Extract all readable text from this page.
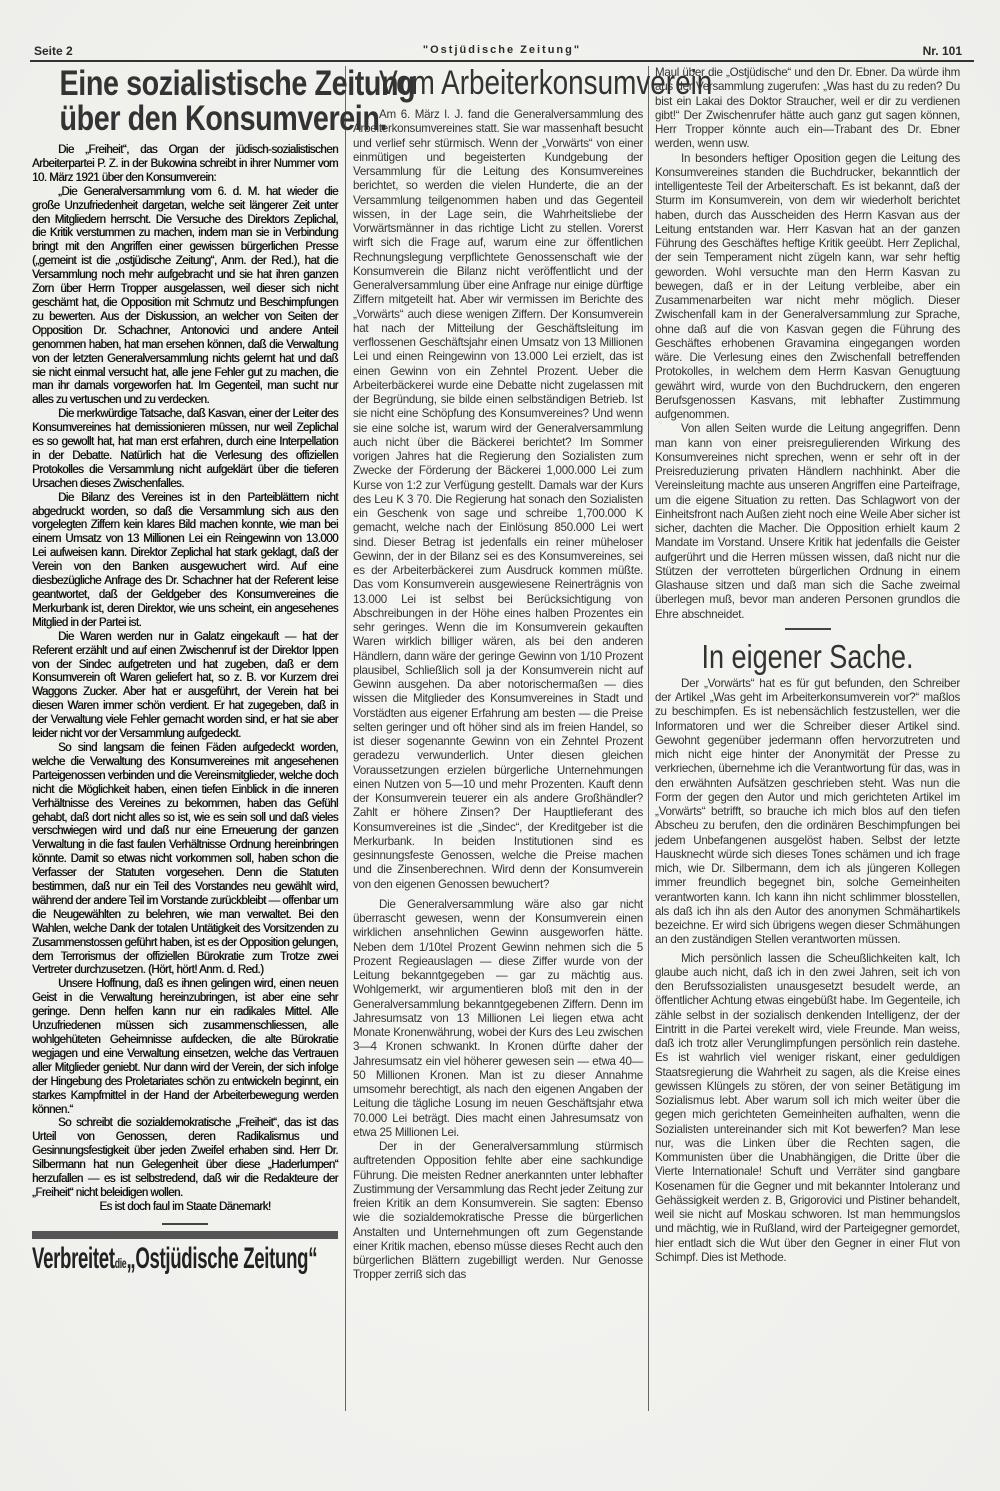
Seite 2	"Ostjüdische Zeitung"	Nr. 101
Eine sozialistische Zeitung
über den Konsumverein.

Die „Freiheit“, das Organ der jüdisch-sozialistischen Arbeiterpartei P. Z. in der Bukowina schreibt in ihrer Nummer vom 10. März 1921 über den Konsumverein:

„Die Generalversammlung vom 6. d. M. hat wieder die große Unzufriedenheit dargetan, welche seit längerer Zeit unter den Mitgliedern herrscht. Die Versuche des Direktors Zeplichal, die Kritik verstummen zu machen, indem man sie in Verbindung bringt mit den Angriffen einer gewissen bürgerlichen Presse („gemeint ist die „ostjüdische Zeitung“, Anm. der Red.), hat die Versammlung noch mehr aufgebracht und sie hat ihren ganzen Zorn über Herrn Tropper ausgelassen, weil dieser sich nicht geschämt hat, die Opposition mit Schmutz und Beschimpfungen zu bewerten. Aus der Diskussion, an welcher von Seiten der Opposition Dr. Schachner, Antonovici und andere Anteil genommen haben, hat man ersehen können, daß die Verwaltung von der letzten Generalversammlung nichts gelernt hat und daß sie nicht einmal versucht hat, alle jene Fehler gut zu machen, die man ihr damals vorgeworfen hat. Im Gegenteil, man sucht nur alles zu vertuschen und zu verdecken.

Die merkwürdige Tatsache, daß Kasvan, einer der Leiter des Konsumvereines hat demissionieren müssen, nur weil Zeplichal es so gewollt hat, hat man erst erfahren, durch eine Interpellation in der Debatte. Natürlich hat die Verlesung des offiziellen Protokolles die Versammlung nicht aufgeklärt über die tieferen Ursachen dieses Zwischenfalles.

Die Bilanz des Vereines ist in den Parteiblättern nicht abgedruckt worden, so daß die Versammlung sich aus den vorgelegten Ziffern kein klares Bild machen konnte, wie man bei einem Umsatz von 13 Millionen Lei ein Reingewinn von 13.000 Lei aufweisen kann. Direktor Zeplichal hat stark geklagt, daß der Verein von den Banken ausgewuchert wird. Auf eine diesbezügliche Anfrage des Dr. Schachner hat der Referent leise geantwortet, daß der Geldgeber des Konsumvereines die Merkurbank ist, deren Direktor, wie uns scheint, ein angesehenes Mitglied in der Partei ist.

Die Waren werden nur in Galatz eingekauft — hat der Referent erzählt und auf einen Zwischenruf ist der Direktor Ippen von der Sindec aufgetreten und hat zugeben, daß er dem Konsumverein oft Waren geliefert hat, so z. B. vor Kurzem drei Waggons Zucker. Aber hat er ausgeführt, der Verein hat bei diesen Waren immer schön verdient. Er hat zugegeben, daß in der Verwaltung viele Fehler gemacht worden sind, er hat sie aber leider nicht vor der Versammlung aufgedeckt.

So sind langsam die feinen Fäden aufgedeckt worden, welche die Verwaltung des Konsumvereines mit angesehenen Parteigenossen verbinden und die Vereinsmitglieder, welche doch nicht die Möglichkeit haben, einen tiefen Einblick in die inneren Verhältnisse des Vereines zu bekommen, haben das Gefühl gehabt, daß dort nicht alles so ist, wie es sein soll und daß vieles verschwiegen wird und daß nur eine Erneuerung der ganzen Verwaltung in die fast faulen Verhältnisse Ordnung hereinbringen könnte. Damit so etwas nicht vorkommen soll, haben schon die Verfasser der Statuten vorgesehen. Denn die Statuten bestimmen, daß nur ein Teil des Vorstandes neu gewählt wird, während der andere Teil im Vorstande zurückbleibt — offenbar um die Neugewählten zu belehren, wie man verwaltet. Bei den Wahlen, welche Dank der totalen Untätigkeit des Vorsitzenden zu Zusammenstossen geführt haben, ist es der Opposition gelungen, dem Terrorismus der offiziellen Bürokratie zum Trotze zwei Vertreter durchzusetzen. (Hört, hört! Anm. d. Red.)

Unsere Hoffnung, daß es ihnen gelingen wird, einen neuen Geist in die Verwaltung hereinzubringen, ist aber eine sehr geringe. Denn helfen kann nur ein radikales Mittel. Alle Unzufriedenen müssen sich zusammenschliessen, alle wohlgehüteten Geheimnisse aufdecken, die alte Bürokratie wegjagen und eine Verwaltung einsetzen, welche das Vertrauen aller Mitglieder geniebt. Nur dann wird der Verein, der sich infolge der Hingebung des Proletariates schön zu entwickeln beginnt, ein starkes Kampfmittel in der Hand der Arbeiterbewegung werden können.“

So schreibt die sozialdemokratische „Freiheit“, das ist das Urteil von Genossen, deren Radikalismus und Gesinnungsfestigkeit über jeden Zweifel erhaben sind. Herr Dr. Silbermann hat nun Gelegenheit über diese „Haderlumpen“ herzufallen — es ist selbstredend, daß wir die Redakteure der „Freiheit“ nicht beleidigen wollen.

Es ist doch faul im Staate Dänemark!

Verbreitetdie„Ostjüdische Zeitung“
Vom Arbeiterkonsumverein

Am 6. März l. J. fand die Generalversammlung des Arbeiterkonsumvereines statt. Sie war massenhaft besucht und verlief sehr stürmisch. Wenn der „Vorwärts“ von einer einmütigen und begeisterten Kundgebung der Versammlung für die Leitung des Konsumvereines berichtet, so werden die vielen Hunderte, die an der Versammlung teilgenommen haben und das Gegenteil wissen, in der Lage sein, die Wahrheitsliebe der Vorwärtsmänner in das richtige Licht zu stellen. Vorerst wirft sich die Frage auf, warum eine zur öffentlichen Rechnungslegung verpflichtete Genossenschaft wie der Konsumverein die Bilanz nicht veröffentlicht und der Generalversammlung über eine Anfrage nur einige dürftige Ziffern mitgeteilt hat. Aber wir vermissen im Berichte des „Vorwärts“ auch diese wenigen Ziffern. Der Konsumverein hat nach der Mitteilung der Geschäftsleitung im verflossenen Geschäftsjahr einen Umsatz von 13 Millionen Lei und einen Reingewinn von 13.000 Lei erzielt, das ist einen Gewinn von ein Zehntel Prozent. Ueber die Arbeiterbäckerei wurde eine Debatte nicht zugelassen mit der Begründung, sie bilde einen selbständigen Betrieb. Ist sie nicht eine Schöpfung des Konsumvereines? Und wenn sie eine solche ist, warum wird der Generalversammlung auch nicht über die Bäckerei berichtet? Im Sommer vorigen Jahres hat die Regierung den Sozialisten zum Zwecke der Förderung der Bäckerei 1,000.000 Lei zum Kurse von 1:2 zur Verfügung gestellt. Damals war der Kurs des Leu K 3 70. Die Regierung hat sonach den Sozialisten ein Geschenk von sage und schreibe 1,700.000 K gemacht, welche nach der Einlösung 850.000 Lei wert sind. Dieser Betrag ist jedenfalls ein reiner müheloser Gewinn, der in der Bilanz sei es des Konsumvereines, sei es der Arbeiterbäckerei zum Ausdruck kommen müßte. Das vom Konsumverein ausgewiesene Reinerträgnis von 13.000 Lei ist selbst bei Berücksichtigung von Abschreibungen in der Höhe eines halben Prozentes ein sehr geringes. Wenn die im Konsumverein gekauften Waren wirklich billiger wären, als bei den anderen Händlern, dann wäre der geringe Gewinn von 1/10 Prozent plausibel, Schließlich soll ja der Konsumverein nicht auf Gewinn ausgehen. Da aber notorischermaßen — dies wissen die Mitglieder des Konsumvereines in Stadt und Vorstädten aus eigener Erfahrung am besten — die Preise selten geringer und oft höher sind als im freien Handel, so ist dieser sogenannte Gewinn von ein Zehntel Prozent geradezu verwunderlich. Unter diesen gleichen Voraussetzungen erzielen bürgerliche Unternehmungen einen Nutzen von 5—10 und mehr Prozenten. Kauft denn der Konsumverein teuerer ein als andere Großhändler? Zahlt er höhere Zinsen? Der Hauptlieferant des Konsumvereines ist die „Sindec“, der Kreditgeber ist die Merkurbank. In beiden Institutionen sind es gesinnungsfeste Genossen, welche die Preise machen und die Zinsenberechnen. Wird denn der Konsumverein von den eigenen Genossen bewuchert?

Die Generalversammlung wäre also gar nicht überrascht gewesen, wenn der Konsumverein einen wirklichen ansehnlichen Gewinn ausgeworfen hätte. Neben dem 1/10tel Prozent Gewinn nehmen sich die 5 Prozent Regieauslagen — diese Ziffer wurde von der Leitung bekanntgegeben — gar zu mächtig aus. Wohlgemerkt, wir argumentieren bloß mit den in der Generalversammlung bekanntgegebenen Ziffern. Denn im Jahresumsatz von 13 Millionen Lei liegen etwa acht Monate Kronenwährung, wobei der Kurs des Leu zwischen 3—4 Kronen schwankt. In Kronen dürfte daher der Jahresumsatz ein viel höherer gewesen sein — etwa 40—50 Millionen Kronen. Man ist zu dieser Annahme umsomehr berechtigt, als nach den eigenen Angaben der Leitung die tägliche Losung im neuen Geschäftsjahr etwa 70.000 Lei beträgt. Dies macht einen Jahresumsatz von etwa 25 Millionen Lei.

Der in der Generalversammlung stürmisch auftretenden Opposition fehlte aber eine sachkundige Führung. Die meisten Redner anerkannten unter lebhafter Zustimmung der Versammlung das Recht jeder Zeitung zur freien Kritik an dem Konsumverein. Sie sagten: Ebenso wie die sozialdemokratische Presse die bürgerlichen Anstalten und Unternehmungen oft zum Gegenstande einer Kritik machen, ebenso müsse dieses Recht auch den bürgerlichen Blättern zugebilligt werden. Nur Genosse Tropper zerriß sich das

Maul über die „Ostjüdische“ und den Dr. Ebner. Da würde ihm aus der Versammlung zugerufen: „Was hast du zu reden? Du bist ein Lakai des Doktor Straucher, weil er dir zu verdienen gibt!“ Der Zwischenrufer hätte auch ganz gut sagen können, Herr Tropper könnte auch ein—Trabant des Dr. Ebner werden, wenn usw.

In besonders heftiger Oposition gegen die Leitung des Konsumvereines standen die Buchdrucker, bekanntlich der intelligenteste Teil der Arbeiterschaft. Es ist bekannt, daß der Sturm im Konsumverein, von dem wir wiederholt berichtet haben, durch das Ausscheiden des Herrn Kasvan aus der Leitung entstanden war. Herr Kasvan hat an der ganzen Führung des Geschäftes heftige Kritik geeübt. Herr Zeplichal, der sein Temperament nicht zügeln kann, war sehr heftig geworden. Wohl versuchte man den Herrn Kasvan zu bewegen, daß er in der Leitung verbleibe, aber ein Zusammenarbeiten war nicht mehr möglich. Dieser Zwischenfall kam in der Generalversammlung zur Sprache, ohne daß auf die von Kasvan gegen die Führung des Geschäftes erhobenen Gravamina eingegangen worden wäre. Die Verlesung eines den Zwischenfall betreffenden Protokolles, in welchem dem Herrn Kasvan Genugtuung gewährt wird, wurde von den Buchdruckern, den engeren Berufsgenossen Kasvans, mit lebhafter Zustimmung aufgenommen.

Von allen Seiten wurde die Leitung angegriffen. Denn man kann von einer preisregulierenden Wirkung des Konsumvereines nicht sprechen, wenn er sehr oft in der Preisreduzierung privaten Händlern nachhinkt. Aber die Vereinsleitung machte aus unseren Angriffen eine Parteifrage, um die eigene Situation zu retten. Das Schlagwort von der Einheitsfront nach Außen zieht noch eine Weile Aber sicher ist sicher, dachten die Macher. Die Opposition erhielt kaum 2 Mandate im Vorstand. Unsere Kritik hat jedenfalls die Geister aufgerührt und die Herren müssen wissen, daß nicht nur die Stützen der verrotteten bürgerlichen Ordnung in einem Glashause sitzen und daß man sich die Sache zweimal überlegen muß, bevor man anderen Personen grundlos die Ehre abschneidet.

In eigener Sache.

Der „Vorwärts“ hat es für gut befunden, den Schreiber der Artikel „Was geht im Arbeiterkonsumverein vor?“ maßlos zu beschimpfen. Es ist nebensächlich festzustellen, wer die Informatoren und wer die Schreiber dieser Artikel sind. Gewohnt gegenüber jedermann offen hervorzutreten und mich nicht eige hinter der Anonymität der Presse zu verkriechen, übernehme ich die Verantwortung für das, was in den erwähnten Aufsätzen geschrieben steht. Was nun die Form der gegen den Autor und mich gerichteten Artikel im „Vorwärts“ betrifft, so brauche ich mich blos auf den tiefen Abscheu zu berufen, den die ordinären Beschimpfungen bei jedem Unbefangenen ausgelöst haben. Selbst der letzte Hausknecht würde sich dieses Tones schämen und ich frage mich, wie Dr. Silbermann, dem ich als jüngeren Kollegen immer freundlich begegnet bin, solche Gemeinheiten verantworten kann. Ich kann ihn nicht schlimmer blosstellen, als daß ich ihn als den Autor des anonymen Schmähartikels bezeichne. Er wird sich übrigens wegen dieser Schmähungen an den zuständigen Stellen verantworten müssen.

Mich persönlich lassen die Scheußlichkeiten kalt, Ich glaube auch nicht, daß ich in den zwei Jahren, seit ich von den Berufssozialisten unausgesetzt besudelt werde, an öffentlicher Achtung etwas eingebüßt habe. Im Gegenteile, ich zähle selbst in der sozialisch denkenden Intelligenz, der der Eintritt in die Partei verekelt wird, viele Freunde. Man weiss, daß ich trotz aller Verunglimpfungen persönlich rein dastehe. Es ist wahrlich viel weniger riskant, einer geduldigen Staatsregierung die Wahrheit zu sagen, als die Kreise eines gewissen Klüngels zu stören, der von seiner Betätigung im Sozialismus lebt. Aber warum soll ich mich weiter über die gegen mich gerichteten Gemeinheiten aufhalten, wenn die Sozialisten untereinander sich mit Kot bewerfen? Man lese nur, was die Linken über die Rechten sagen, die Kommunisten über die Unabhängigen, die Dritte über die Vierte Internationale! Schuft und Verräter sind gangbare Kosenamen für die Gegner und mit bekannter Intoleranz und Gehässigkeit werden z. B, Grigorovici und Pistiner behandelt, weil sie nicht auf Moskau schworen. Ist man hemmungslos und mächtig, wie in Rußland, wird der Parteigegner gemordet, hier entladt sich die Wut über den Gegner in einer Flut von Schimpf. Dies ist Methode.
